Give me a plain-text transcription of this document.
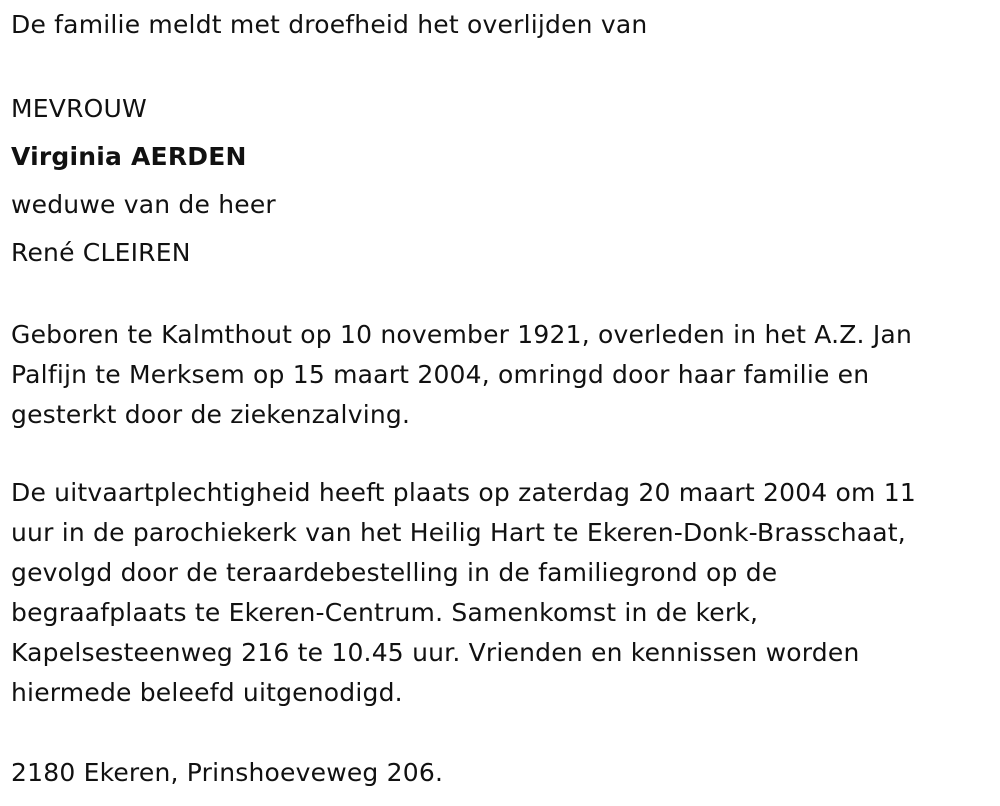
De familie meldt met droefheid het overlijden van
MEVROUW
Virginia AERDEN
weduwe van de heer
René CLEIREN
Geboren te Kalmthout op 10 november 1921, overleden in het A.Z. Jan
Palfijn te Merksem op 15 maart 2004, omringd door haar familie en
gesterkt door de ziekenzalving.
De uitvaartplechtigheid heeft plaats op zaterdag 20 maart 2004 om 11
uur in de parochiekerk van het Heilig Hart te Ekeren-Donk-Brasschaat,
gevolgd door de teraardebestelling in de familiegrond op de
begraafplaats te Ekeren-Centrum. Samenkomst in de kerk,
Kapelsesteenweg 216 te 10.45 uur. Vrienden en kennissen worden
hiermede beleefd uitgenodigd.
2180 Ekeren, Prinshoeveweg 206.
